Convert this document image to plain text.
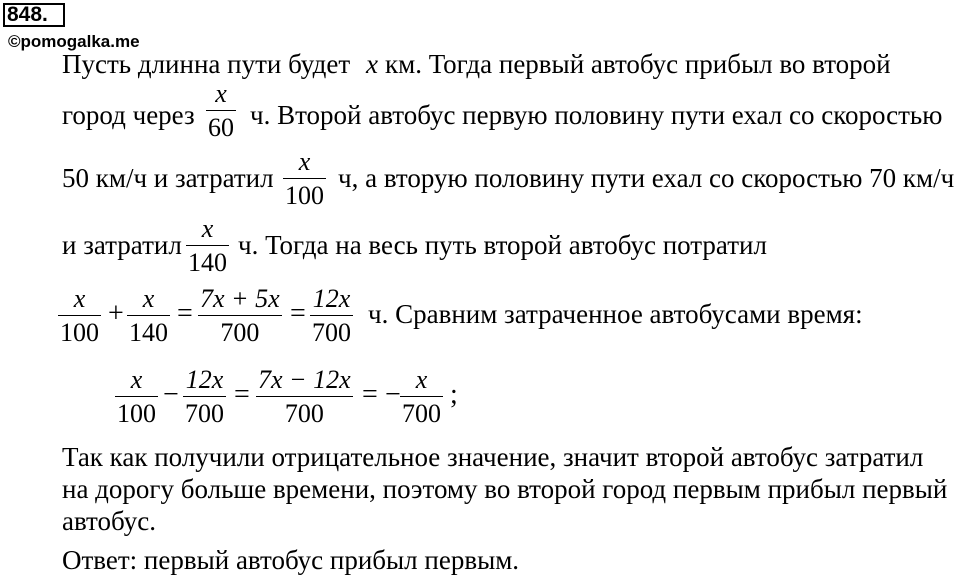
848.
©pomogalka.me
Пусть длинна пути будет x км. Тогда первый автобус прибыл во второй
город через
x
60 ч. Второй автобус первую половину пути ехал со скоростью
50 км/ч и затратил
x
100
ч, а вторую половину пути ехал со скоростью 70 км/ч
и затратил
x
140
ч. Тогда на весь путь второй автобус потратил
x
100
+ x
140
= 7x + 5x
700
= 12x
700
ч. Сравним затраченное автобусами время:
x
100
− 12x
700
= 7x − 12x
700
= − x
700
;
Так как получили отрицательное значение, значит второй автобус затратил
на дорогу больше времени, поэтому во второй город первым прибыл первый
автобус.
Ответ: первый автобус прибыл первым.
